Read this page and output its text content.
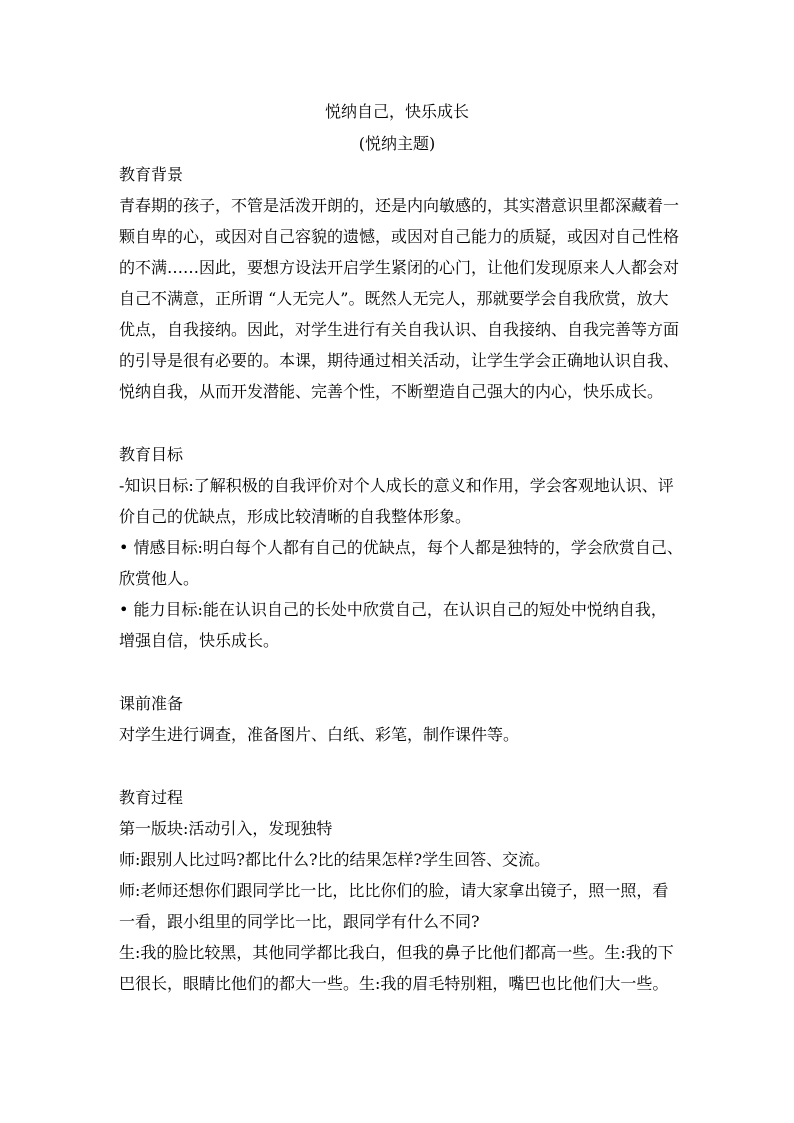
悦纳自己，快乐成长
(悦纳主题)
教育背景
青春期的孩子，不管是活泼开朗的，还是内向敏感的，其实潜意识里都深藏着一
颗自卑的心，或因对自己容貌的遗憾，或因对自己能力的质疑，或因对自己性格
的不满……因此，要想方设法开启学生紧闭的心门，让他们发现原来人人都会对
自己不满意，正所谓 “人无完人”。既然人无完人，那就要学会自我欣赏，放大
优点，自我接纳。因此，对学生进行有关自我认识、自我接纳、自我完善等方面
的引导是很有必要的。本课，期待通过相关活动，让学生学会正确地认识自我、
悦纳自我，从而开发潜能、完善个性，不断塑造自己强大的内心，快乐成长。
教育目标
-知识日标:了解积极的自我评价对个人成长的意义和作用，学会客观地认识、评
价自己的优缺点，形成比较清晰的自我整体形象。
• 情感目标:明白每个人都有自己的优缺点，每个人都是独特的，学会欣赏自己、
欣赏他人。
• 能力目标:能在认识自己的长处中欣赏自己，在认识自己的短处中悦纳自我，
增强自信，快乐成长。
课前准备
对学生进行调查，准备图片、白纸、彩笔，制作课件等。
教育过程
第一版块:活动引入，发现独特
师:跟别人比过吗?都比什么?比的结果怎样?学生回答、交流。
师:老师还想你们跟同学比一比，比比你们的脸，请大家拿出镜子，照一照，看
一看，跟小组里的同学比一比，跟同学有什么不同?
生:我的脸比较黑，其他同学都比我白，但我的鼻子比他们都高一些。生:我的下
巴很长，眼睛比他们的都大一些。生:我的眉毛特别粗，嘴巴也比他们大一些。
